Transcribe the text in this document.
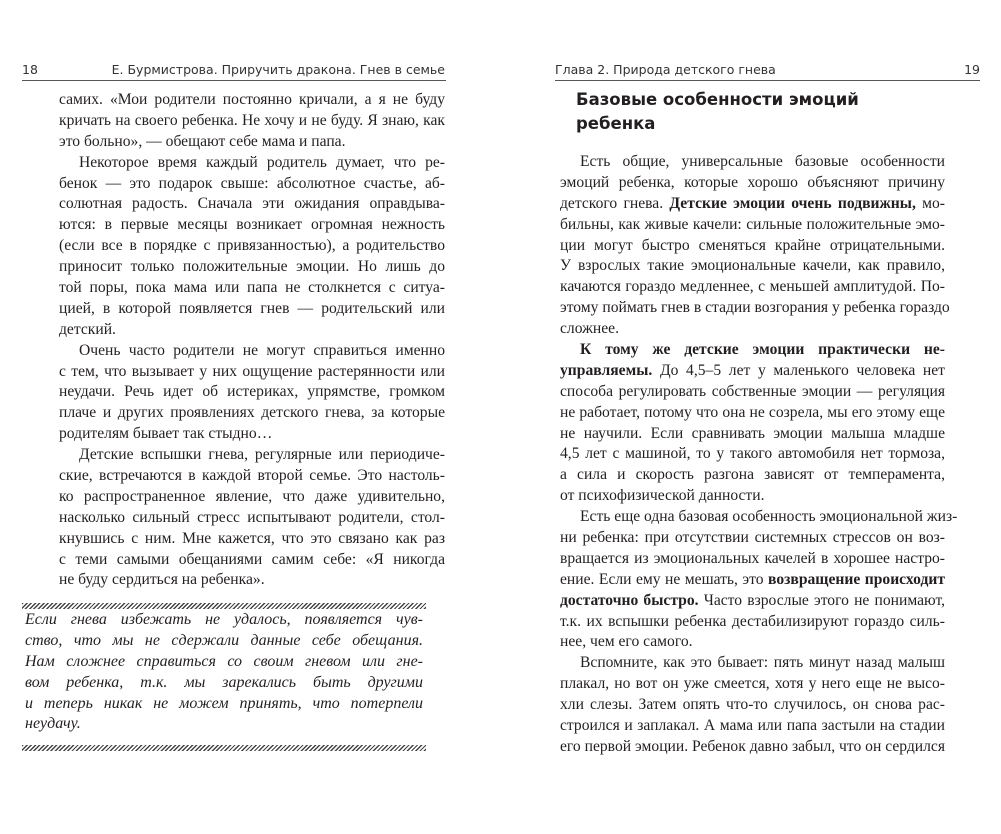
18	Е. Бурмистрова. Приручить дракона. Гнев в семье
самих. «Мои родители постоянно кричали, а я не буду
кричать на своего ребенка. Не хочу и не буду. Я знаю, как
это больно», — обещают себе мама и папа.
Некоторое время каждый родитель думает, что ре-
бенок — это подарок свыше: абсолютное счастье, аб-
солютная радость. Сначала эти ожидания оправдыва-
ются: в первые месяцы возникает огромная нежность
(если все в порядке с привязанностью), а родительство
приносит только положительные эмоции. Но лишь до
той поры, пока мама или папа не столкнется с ситуа-
цией, в которой появляется гнев — родительский или
детский.
Очень часто родители не могут справиться именно
с тем, что вызывает у них ощущение растерянности или
неудачи. Речь идет об истериках, упрямстве, громком
плаче и других проявлениях детского гнева, за которые
родителям бывает так стыдно…
Детские вспышки гнева, регулярные или периодиче-
ские, встречаются в каждой второй семье. Это настоль-
ко распространенное явление, что даже удивительно,
насколько сильный стресс испытывают родители, стол-
кнувшись с ним. Мне кажется, что это связано как раз
с теми самыми обещаниями самим себе: «Я никогда
не буду сердиться на ребенка».
Если гнева избежать не удалось, появляется чув-
ство, что мы не сдержали данные себе обещания.
Нам сложнее справиться со своим гневом или гне-
вом ребенка, т.к. мы зарекались быть другими
и теперь никак не можем принять, что потерпели
неудачу.
Глава 2. Природа детского гнева	19
Базовые особенности эмоций
ребенка
Есть общие, универсальные базовые особенности
эмоций ребенка, которые хорошо объясняют причину
детского гнева. Детские эмоции очень подвижны, мо-
бильны, как живые качели: сильные положительные эмо-
ции могут быстро сменяться крайне отрицательными.
У взрослых такие эмоциональные качели, как правило,
качаются гораздо медленнее, с меньшей амплитудой. По-
этому поймать гнев в стадии возгорания у ребенка гораздо
сложнее.
К тому же детские эмоции практически не-
управляемы. До 4,5–5 лет у маленького человека нет
способа регулировать собственные эмоции — регуляция
не работает, потому что она не созрела, мы его этому еще
не научили. Если сравнивать эмоции малыша младше
4,5 лет с машиной, то у такого автомобиля нет тормоза,
а сила и скорость разгона зависят от темперамента,
от психофизической данности.
Есть еще одна базовая особенность эмоциональной жиз-
ни ребенка: при отсутствии системных стрессов он воз-
вращается из эмоциональных качелей в хорошее настро-
ение. Если ему не мешать, это возвращение происходит
достаточно быстро. Часто взрослые этого не понимают,
т.к. их вспышки ребенка дестабилизируют гораздо силь-
нее, чем его самого.
Вспомните, как это бывает: пять минут назад малыш
плакал, но вот он уже смеется, хотя у него еще не высо-
хли слезы. Затем опять что-то случилось, он снова рас-
строился и заплакал. А мама или папа застыли на стадии
его первой эмоции. Ребенок давно забыл, что он сердился
